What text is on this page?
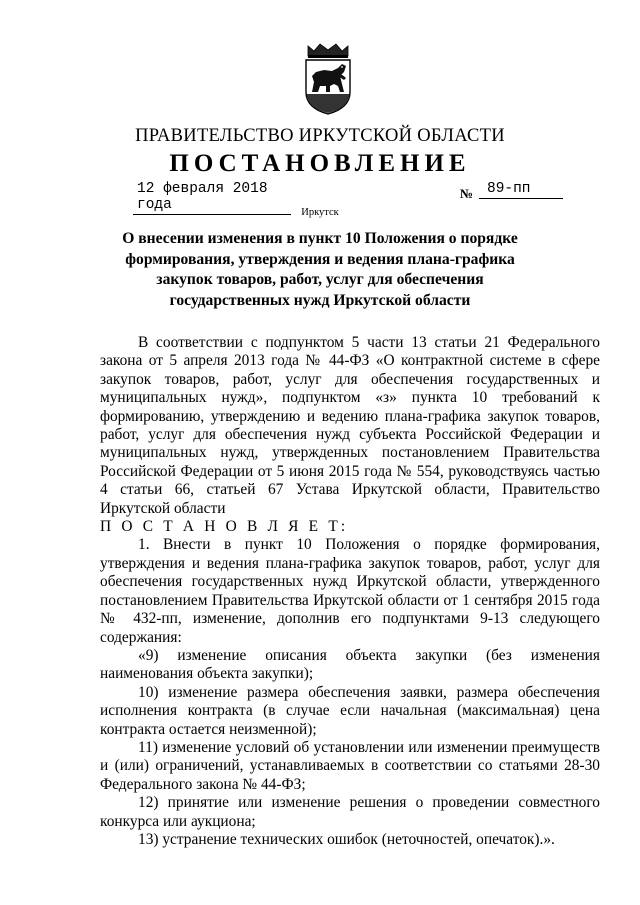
ПРАВИТЕЛЬСТВО ИРКУТСКОЙ ОБЛАСТИ
ПОСТАНОВЛЕНИЕ
12 февраля 2018 года
№ 89-пп
Иркутск
О внесении изменения в пункт 10 Положения о порядке формирования, утверждения и ведения плана-графика закупок товаров, работ, услуг для обеспечения государственных нужд Иркутской области

В соответствии с подпунктом 5 части 13 статьи 21 Федерального закона от 5 апреля 2013 года № 44-ФЗ «О контрактной системе в сфере закупок товаров, работ, услуг для обеспечения государственных и муниципальных нужд», подпунктом «з» пункта 10 требований к формированию, утверждению и ведению плана-графика закупок товаров, работ, услуг для обеспечения нужд субъекта Российской Федерации и муниципальных нужд, утвержденных постановлением Правительства Российской Федерации от 5 июня 2015 года № 554, руководствуясь частью 4 статьи 66, статьей 67 Устава Иркутской области, Правительство Иркутской области

П О С Т А Н О В Л Я Е Т:

1. Внести в пункт 10 Положения о порядке формирования, утверждения и ведения плана-графика закупок товаров, работ, услуг для обеспечения государственных нужд Иркутской области, утвержденного постановлением Правительства Иркутской области от 1 сентября 2015 года № 432-пп, изменение, дополнив его подпунктами 9-13 следующего содержания:

«9) изменение описания объекта закупки (без изменения наименования объекта закупки);

10) изменение размера обеспечения заявки, размера обеспечения исполнения контракта (в случае если начальная (максимальная) цена контракта остается неизменной);

11) изменение условий об установлении или изменении преимуществ и (или) ограничений, устанавливаемых в соответствии со статьями 28-30 Федерального закона № 44-ФЗ;

12) принятие или изменение решения о проведении совместного конкурса или аукциона;

13) устранение технических ошибок (неточностей, опечаток).».
